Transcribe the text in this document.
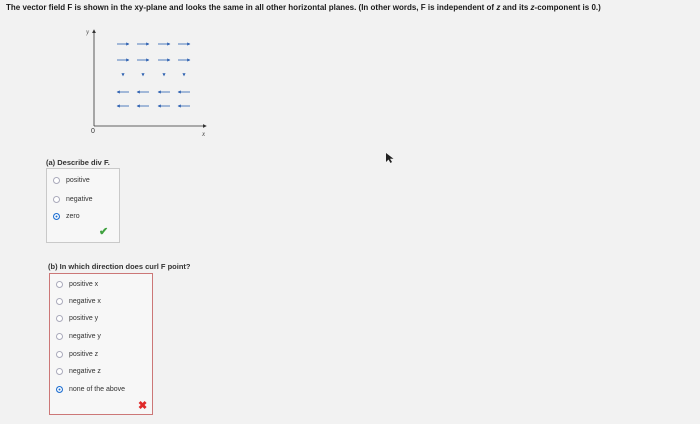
The vector field F is shown in the xy-plane and looks the same in all other horizontal planes. (In other words, F is independent of z and its z-component is 0.)
y
x
0
(a) Describe div F.
positive
negative
zero
✔
(b) In which direction does curl F point?
positive x
negative x
positive y
negative y
positive z
negative z
none of the above
✖
